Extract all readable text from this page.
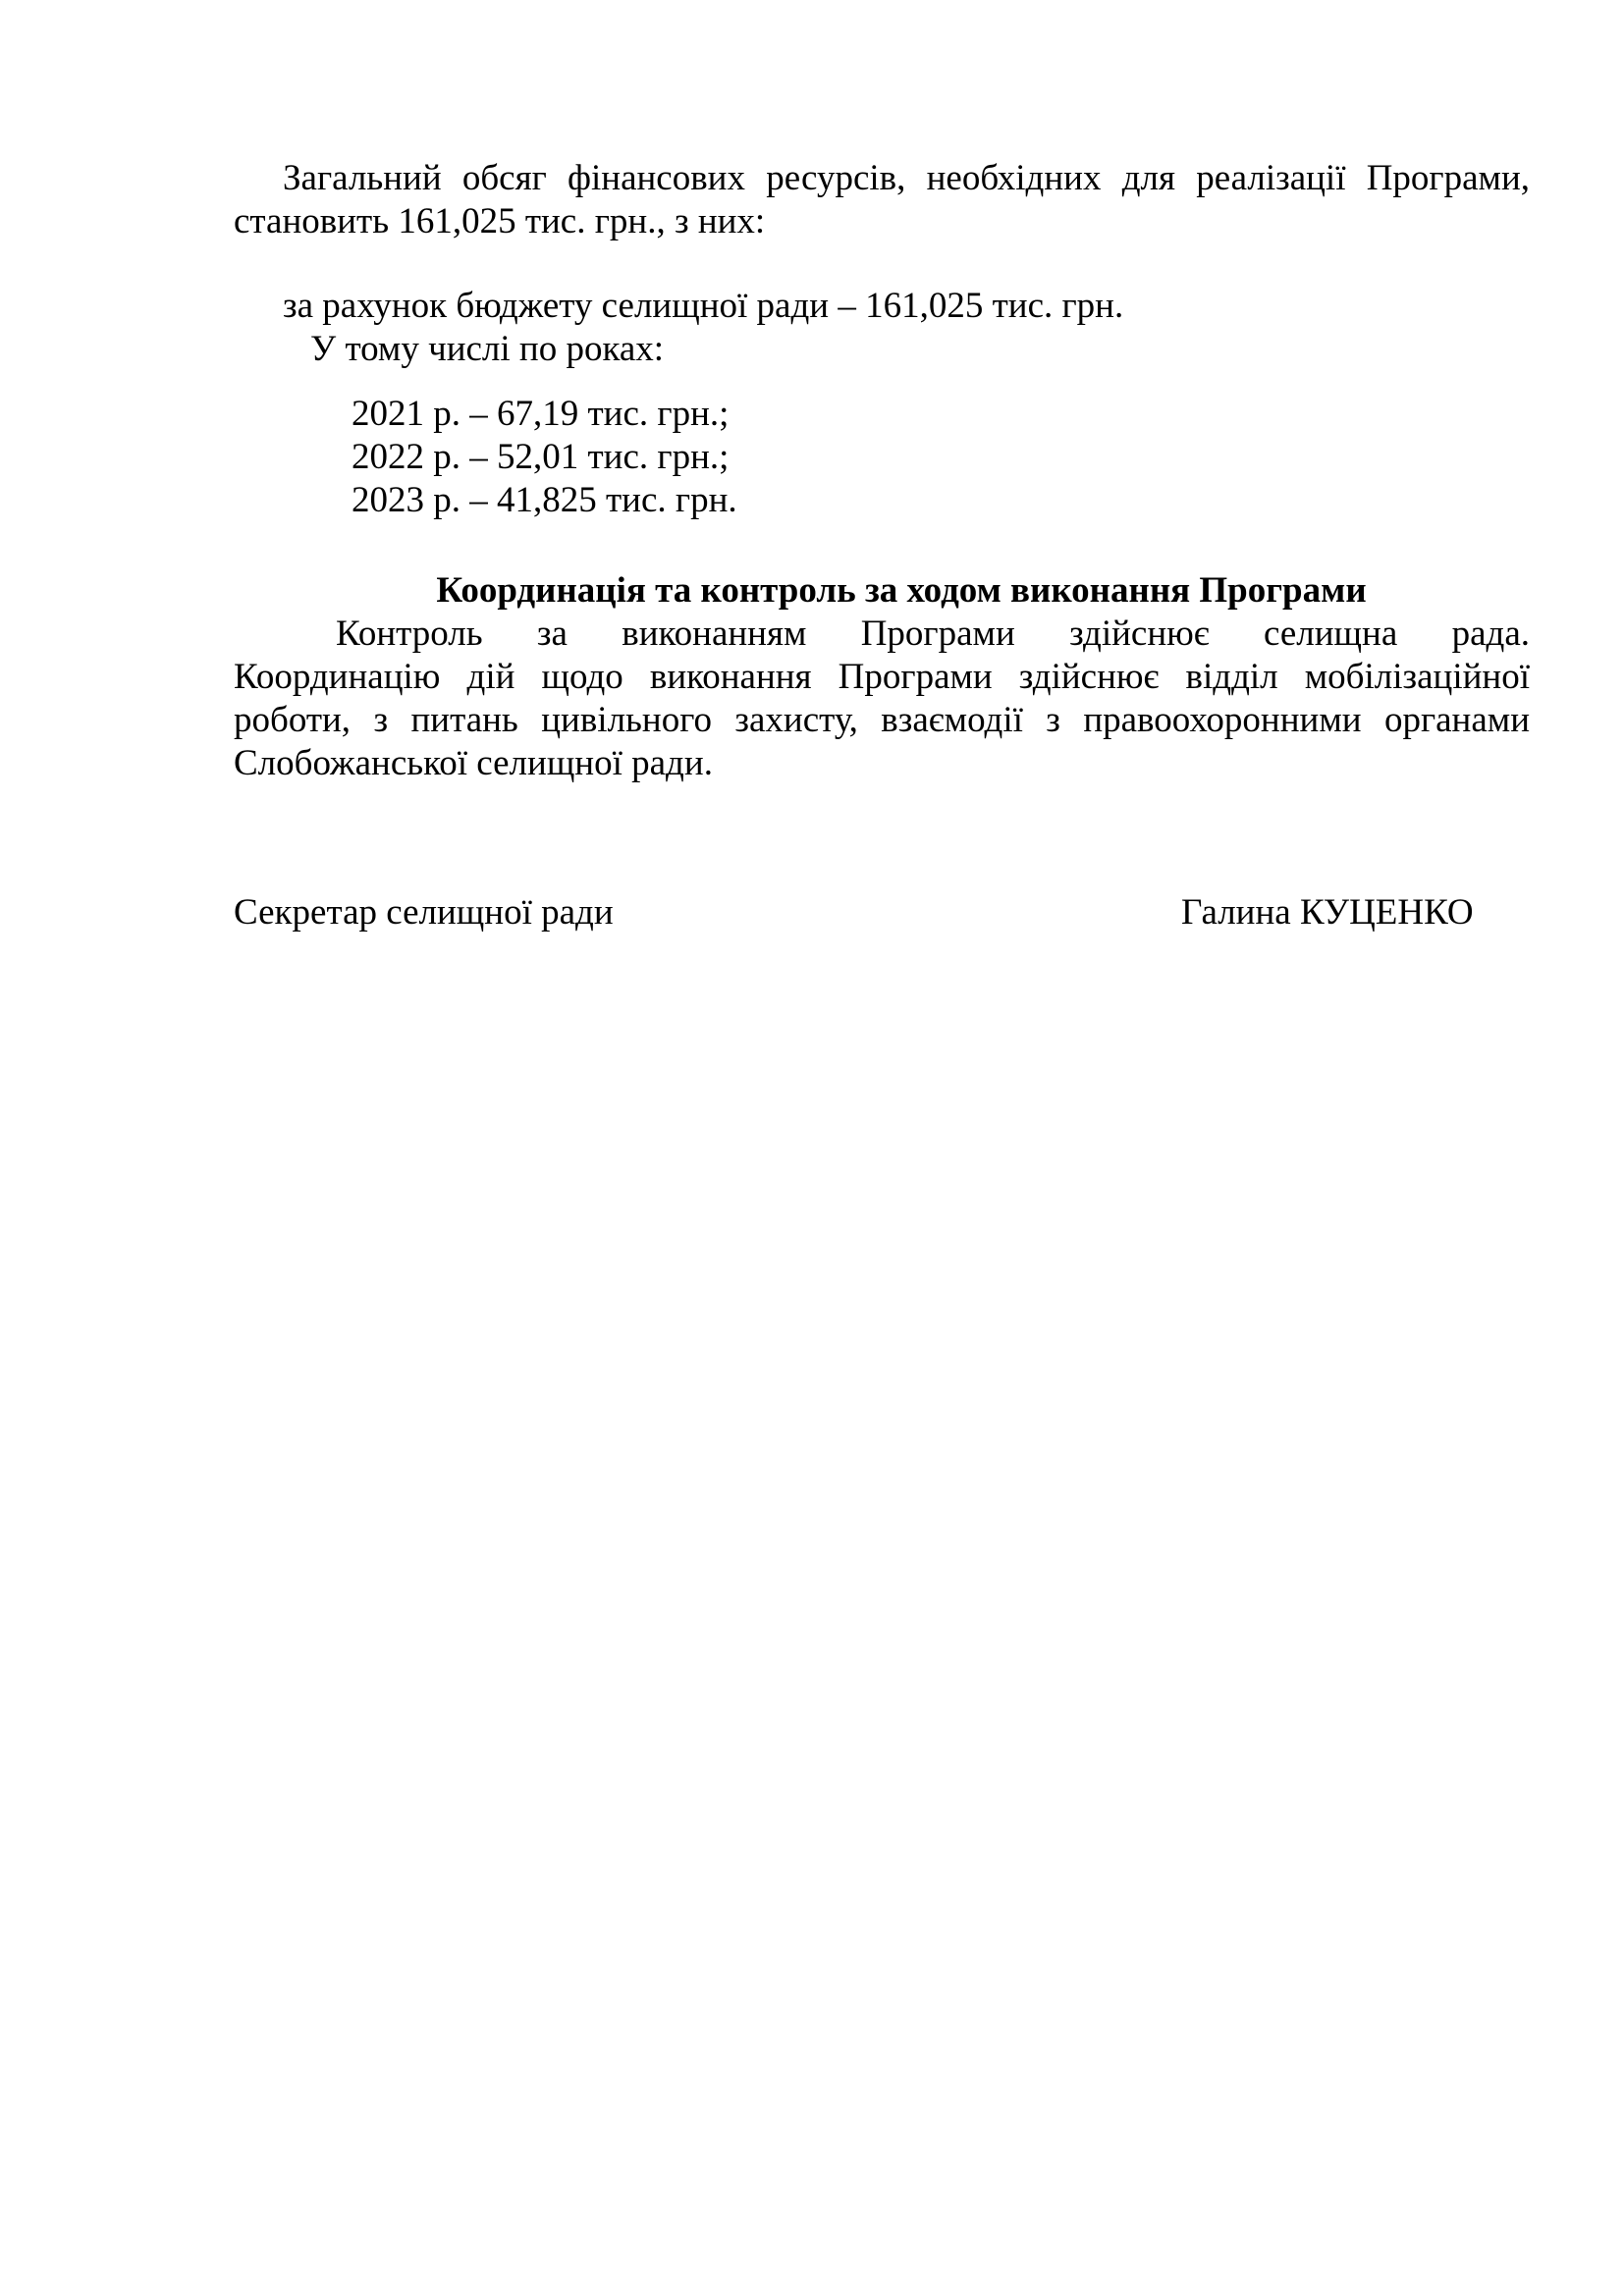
Загальний обсяг фінансових ресурсів, необхідних для реалізації Програми,
становить 161,025 тис. грн., з них:
за рахунок бюджету селищної ради – 161,025 тис. грн.
У тому числі по роках:
2021 р. – 67,19 тис. грн.;
2022 р. – 52,01 тис. грн.;
2023 р. – 41,825 тис. грн.
Координація та контроль за ходом виконання Програми
Контроль за виконанням Програми здійснює селищна рада.
Координацію дій щодо виконання Програми здійснює відділ мобілізаційної
роботи, з питань цивільного захисту, взаємодії з правоохоронними органами
Слобожанської селищної ради.
Секретар селищної ради	Галина КУЦЕНКО
